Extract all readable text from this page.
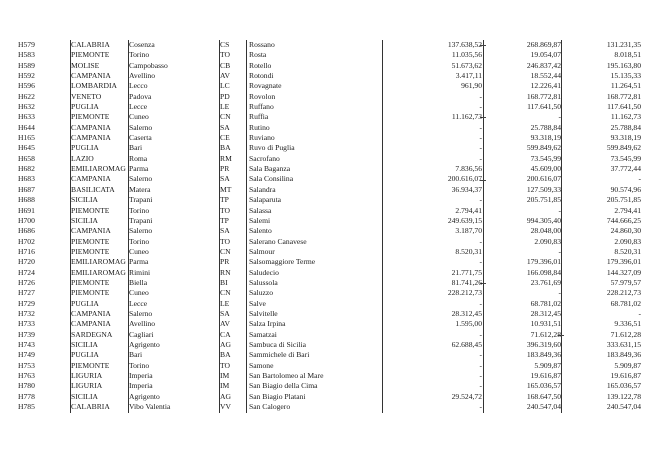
H579	CALABRIA	Cosenza	CS	Rossano	137.638,52	268.869,87	131.231,35
H583	PIEMONTE	Torino	TO	Rosta	11.035,56	19.054,07	8.018,51
H589	MOLISE	Campobasso	CB	Rotello	51.673,62	246.837,42	195.163,80
H592	CAMPANIA	Avellino	AV	Rotondi	3.417,11	18.552,44	15.135,33
H596	LOMBARDIA	Lecco	LC	Rovagnate	961,90	12.226,41	11.264,51
H622	VENETO	Padova	PD	Rovolon	-	168.772,81	168.772,81
H632	PUGLIA	Lecce	LE	Ruffano	-	117.641,50	117.641,50
H633	PIEMONTE	Cuneo	CN	Ruffia	11.162,73	-	11.162,73
H644	CAMPANIA	Salerno	SA	Rutino	-	25.788,84	25.788,84
H165	CAMPANIA	Caserta	CE	Ruviano	-	93.318,19	93.318,19
H645	PUGLIA	Bari	BA	Ruvo di Puglia	-	599.849,62	599.849,62
H658	LAZIO	Roma	RM	Sacrofano	-	73.545,99	73.545,99
H682	EMILIAROMAG Parma	PR	Sala Baganza	7.836,56	45.609,00	37.772,44
H683	CAMPANIA	Salerno	SA	Sala Consilina	200.616,07	200.616,07	-
H687	BASILICATA	Matera	MT	Salandra	36.934,37	127.509,33	90.574,96
H688	SICILIA	Trapani	TP	Salaparuta	-	205.751,85	205.751,85
H691	PIEMONTE	Torino	TO	Salassa	2.794,41	-	2.794,41
H700	SICILIA	Trapani	TP	Salemi	249.639,15	994.305,40	744.666,25
H686	CAMPANIA	Salerno	SA	Salento	3.187,70	28.048,00	24.860,30
H702	PIEMONTE	Torino	TO	Salerano Canavese	-	2.090,83	2.090,83
H716	PIEMONTE	Cuneo	CN	Salmour	8.520,31	-	8.520,31
H720	EMILIAROMAG Parma	PR	Salsomaggiore Terme	-	179.396,01	179.396,01
H724	EMILIAROMAG Rimini	RN	Saludecio	21.771,75	166.098,84	144.327,09
H726	PIEMONTE	Biella	BI	Salussola	81.741,26	23.761,69	57.979,57
H727	PIEMONTE	Cuneo	CN	Saluzzo	228.212,73	-	228.212,73
H729	PUGLIA	Lecce	LE	Salve	-	68.781,02	68.781,02
H732	CAMPANIA	Salerno	SA	Salvitelle	28.312,45	28.312,45	-
H733	CAMPANIA	Avellino	AV	Salza Irpina	1.595,00	10.931,51	9.336,51
H739	SARDEGNA	Cagliari	CA	Samatzai	-	71.612,28	71.612,28
H743	SICILIA	Agrigento	AG	Sambuca di Sicilia	62.688,45	396.319,60	333.631,15
H749	PUGLIA	Bari	BA	Sammichele di Bari	-	183.849,36	183.849,36
H753	PIEMONTE	Torino	TO	Samone	-	5.909,87	5.909,87
H763	LIGURIA	Imperia	IM	San Bartolomeo al Mare	-	19.616,87	19.616,87
H780	LIGURIA	Imperia	IM	San Biagio della Cima	-	165.036,57	165.036,57
H778	SICILIA	Agrigento	AG	San Biagio Platani	29.524,72	168.647,50	139.122,78
H785	CALABRIA	Vibo Valentia	VV	San Calogero	-	240.547,04	240.547,04
